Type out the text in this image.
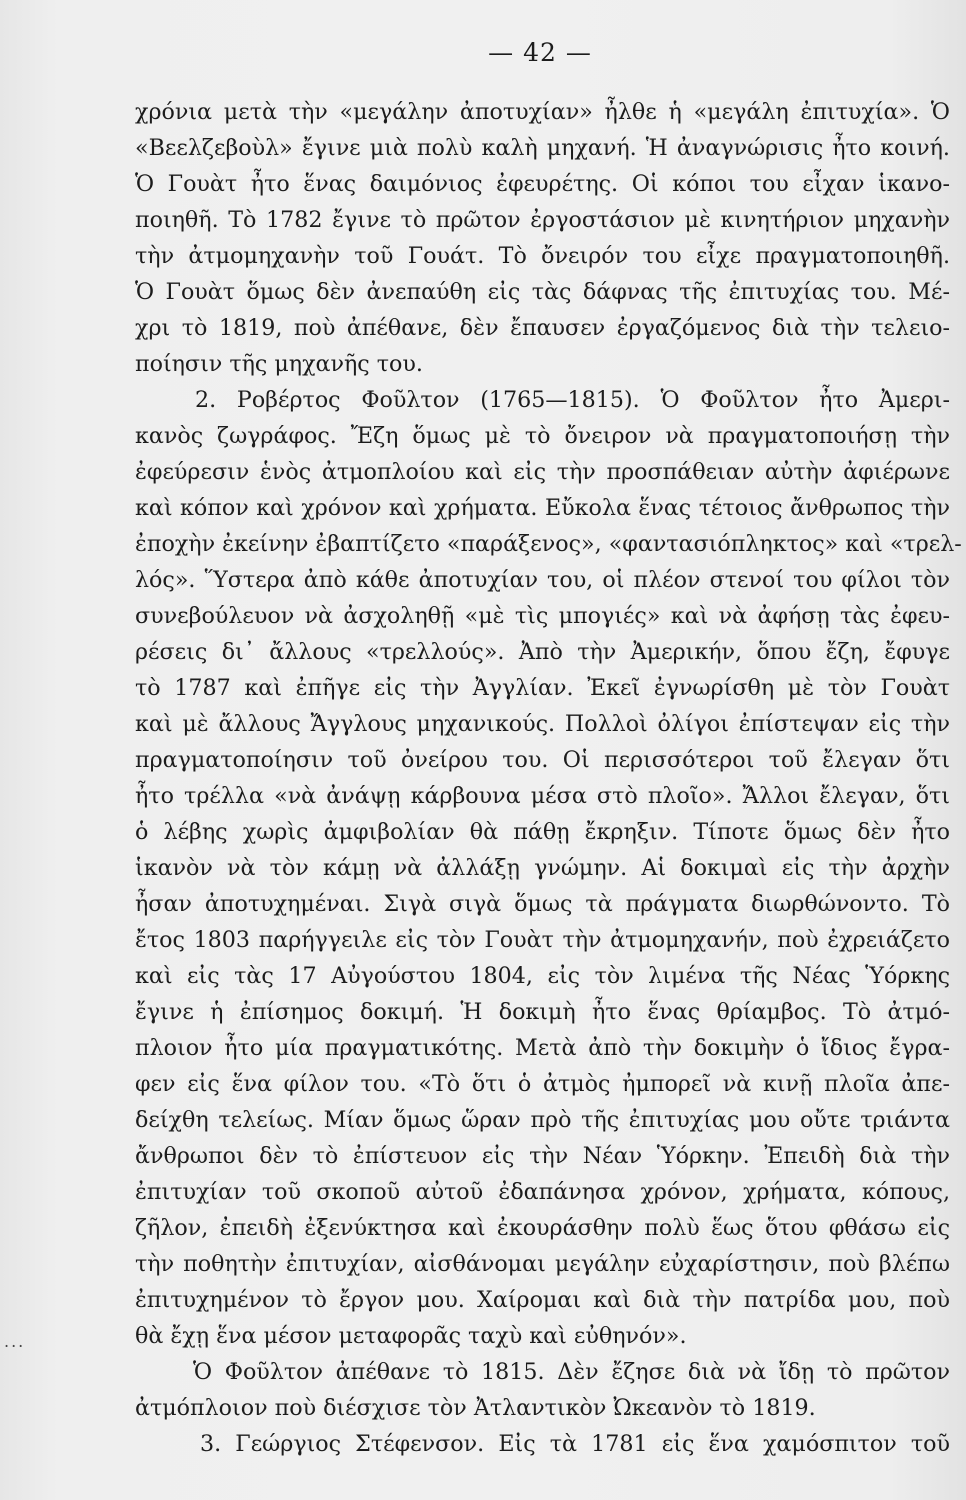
— 42 —
χρόνια μετὰ τὴν «μεγάλην ἀποτυχίαν» ἦλθε ἡ «μεγάλη ἐπιτυχία». Ὁ
«Βεελζεβοὺλ» ἔγινε μιὰ πολὺ καλὴ μηχανή. Ἡ ἀναγνώρισις ἦτο κοινή.
Ὁ Γουὰτ ἦτο ἕνας δαιμόνιος ἐφευρέτης. Οἱ κόποι του εἶχαν ἱκανο-
ποιηθῆ. Τὸ 1782 ἔγινε τὸ πρῶτον ἐργοστάσιον μὲ κινητήριον μηχανὴν
τὴν ἀτμομηχανὴν τοῦ Γουάτ. Τὸ ὄνειρόν του εἶχε πραγματοποιηθῆ.
Ὁ Γουὰτ ὅμως δὲν ἀνεπαύθη εἰς τὰς δάφνας τῆς ἐπιτυχίας του. Μέ-
χρι τὸ 1819, ποὺ ἀπέθανε, δὲν ἔπαυσεν ἐργαζόμενος διὰ τὴν τελειο-
ποίησιν τῆς μηχανῆς του.
2. Ροβέρτος Φοῦλτον (1765—1815). Ὁ Φοῦλτον ἦτο Ἀμερι-
κανὸς ζωγράφος. Ἔζη ὅμως μὲ τὸ ὄνειρον νὰ πραγματοποιήσῃ τὴν
ἐφεύρεσιν ἑνὸς ἀτμοπλοίου καὶ εἰς τὴν προσπάθειαν αὐτὴν ἀφιέρωνε
καὶ κόπον καὶ χρόνον καὶ χρήματα. Εὔκολα ἕνας τέτοιος ἄνθρωπος τὴν
ἐποχὴν ἐκείνην ἐβαπτίζετο «παράξενος», «φαντασιόπληκτος» καὶ «τρελ-
λός». Ὕστερα ἀπὸ κάθε ἀποτυχίαν του, οἱ πλέον στενοί του φίλοι τὸν
συνεβούλευον νὰ ἀσχοληθῇ «μὲ τὶς μπογιές» καὶ νὰ ἀφήσῃ τὰς ἐφευ-
ρέσεις δι᾽ ἄλλους «τρελλούς». Ἀπὸ τὴν Ἀμερικήν, ὅπου ἔζη, ἔφυγε
τὸ 1787 καὶ ἐπῆγε εἰς τὴν Ἀγγλίαν. Ἐκεῖ ἐγνωρίσθη μὲ τὸν Γουὰτ
καὶ μὲ ἄλλους Ἄγγλους μηχανικούς. Πολλοὶ ὀλίγοι ἐπίστεψαν εἰς τὴν
πραγματοποίησιν τοῦ ὀνείρου του. Οἱ περισσότεροι τοῦ ἔλεγαν ὅτι
ἦτο τρέλλα «νὰ ἀνάψῃ κάρβουνα μέσα στὸ πλοῖο». Ἄλλοι ἔλεγαν, ὅτι
ὁ λέβης χωρὶς ἀμφιβολίαν θὰ πάθῃ ἔκρηξιν. Τίποτε ὅμως δὲν ἦτο
ἱκανὸν νὰ τὸν κάμῃ νὰ ἀλλάξῃ γνώμην. Αἱ δοκιμαὶ εἰς τὴν ἀρχὴν
ἦσαν ἀποτυχημέναι. Σιγὰ σιγὰ ὅμως τὰ πράγματα διωρθώνοντο. Τὸ
ἔτος 1803 παρήγγειλε εἰς τὸν Γουὰτ τὴν ἀτμομηχανήν, ποὺ ἐχρειάζετο
καὶ εἰς τὰς 17 Αὐγούστου 1804, εἰς τὸν λιμένα τῆς Νέας Ὑόρκης
ἔγινε ἡ ἐπίσημος δοκιμή. Ἡ δοκιμὴ ἦτο ἕνας θρίαμβος. Τὸ ἀτμό-
πλοιον ἦτο μία πραγματικότης. Μετὰ ἀπὸ τὴν δοκιμὴν ὁ ἴδιος ἔγρα-
φεν εἰς ἕνα φίλον του. «Τὸ ὅτι ὁ ἀτμὸς ἠμπορεῖ νὰ κινῇ πλοῖα ἀπε-
δείχθη τελείως. Μίαν ὅμως ὥραν πρὸ τῆς ἐπιτυχίας μου οὔτε τριάντα
ἄνθρωποι δὲν τὸ ἐπίστευον εἰς τὴν Νέαν Ὑόρκην. Ἐπειδὴ διὰ τὴν
ἐπιτυχίαν τοῦ σκοποῦ αὐτοῦ ἐδαπάνησα χρόνον, χρήματα, κόπους,
ζῆλον, ἐπειδὴ ἐξενύκτησα καὶ ἐκουράσθην πολὺ ἕως ὅτου φθάσω εἰς
τὴν ποθητὴν ἐπιτυχίαν, αἰσθάνομαι μεγάλην εὐχαρίστησιν, ποὺ βλέπω
ἐπιτυχημένον τὸ ἔργον μου. Χαίρομαι καὶ διὰ τὴν πατρίδα μου, ποὺ
θὰ ἔχῃ ἕνα μέσον μεταφορᾶς ταχὺ καὶ εὐθηνόν».
Ὁ Φοῦλτον ἀπέθανε τὸ 1815. Δὲν ἔζησε διὰ νὰ ἴδῃ τὸ πρῶτον
ἀτμόπλοιον ποὺ διέσχισε τὸν Ἀτλαντικὸν Ὠκεανὸν τὸ 1819.
3. Γεώργιος Στέφενσον. Εἰς τὰ 1781 εἰς ἕνα χαμόσπιτον τοῦ
...
